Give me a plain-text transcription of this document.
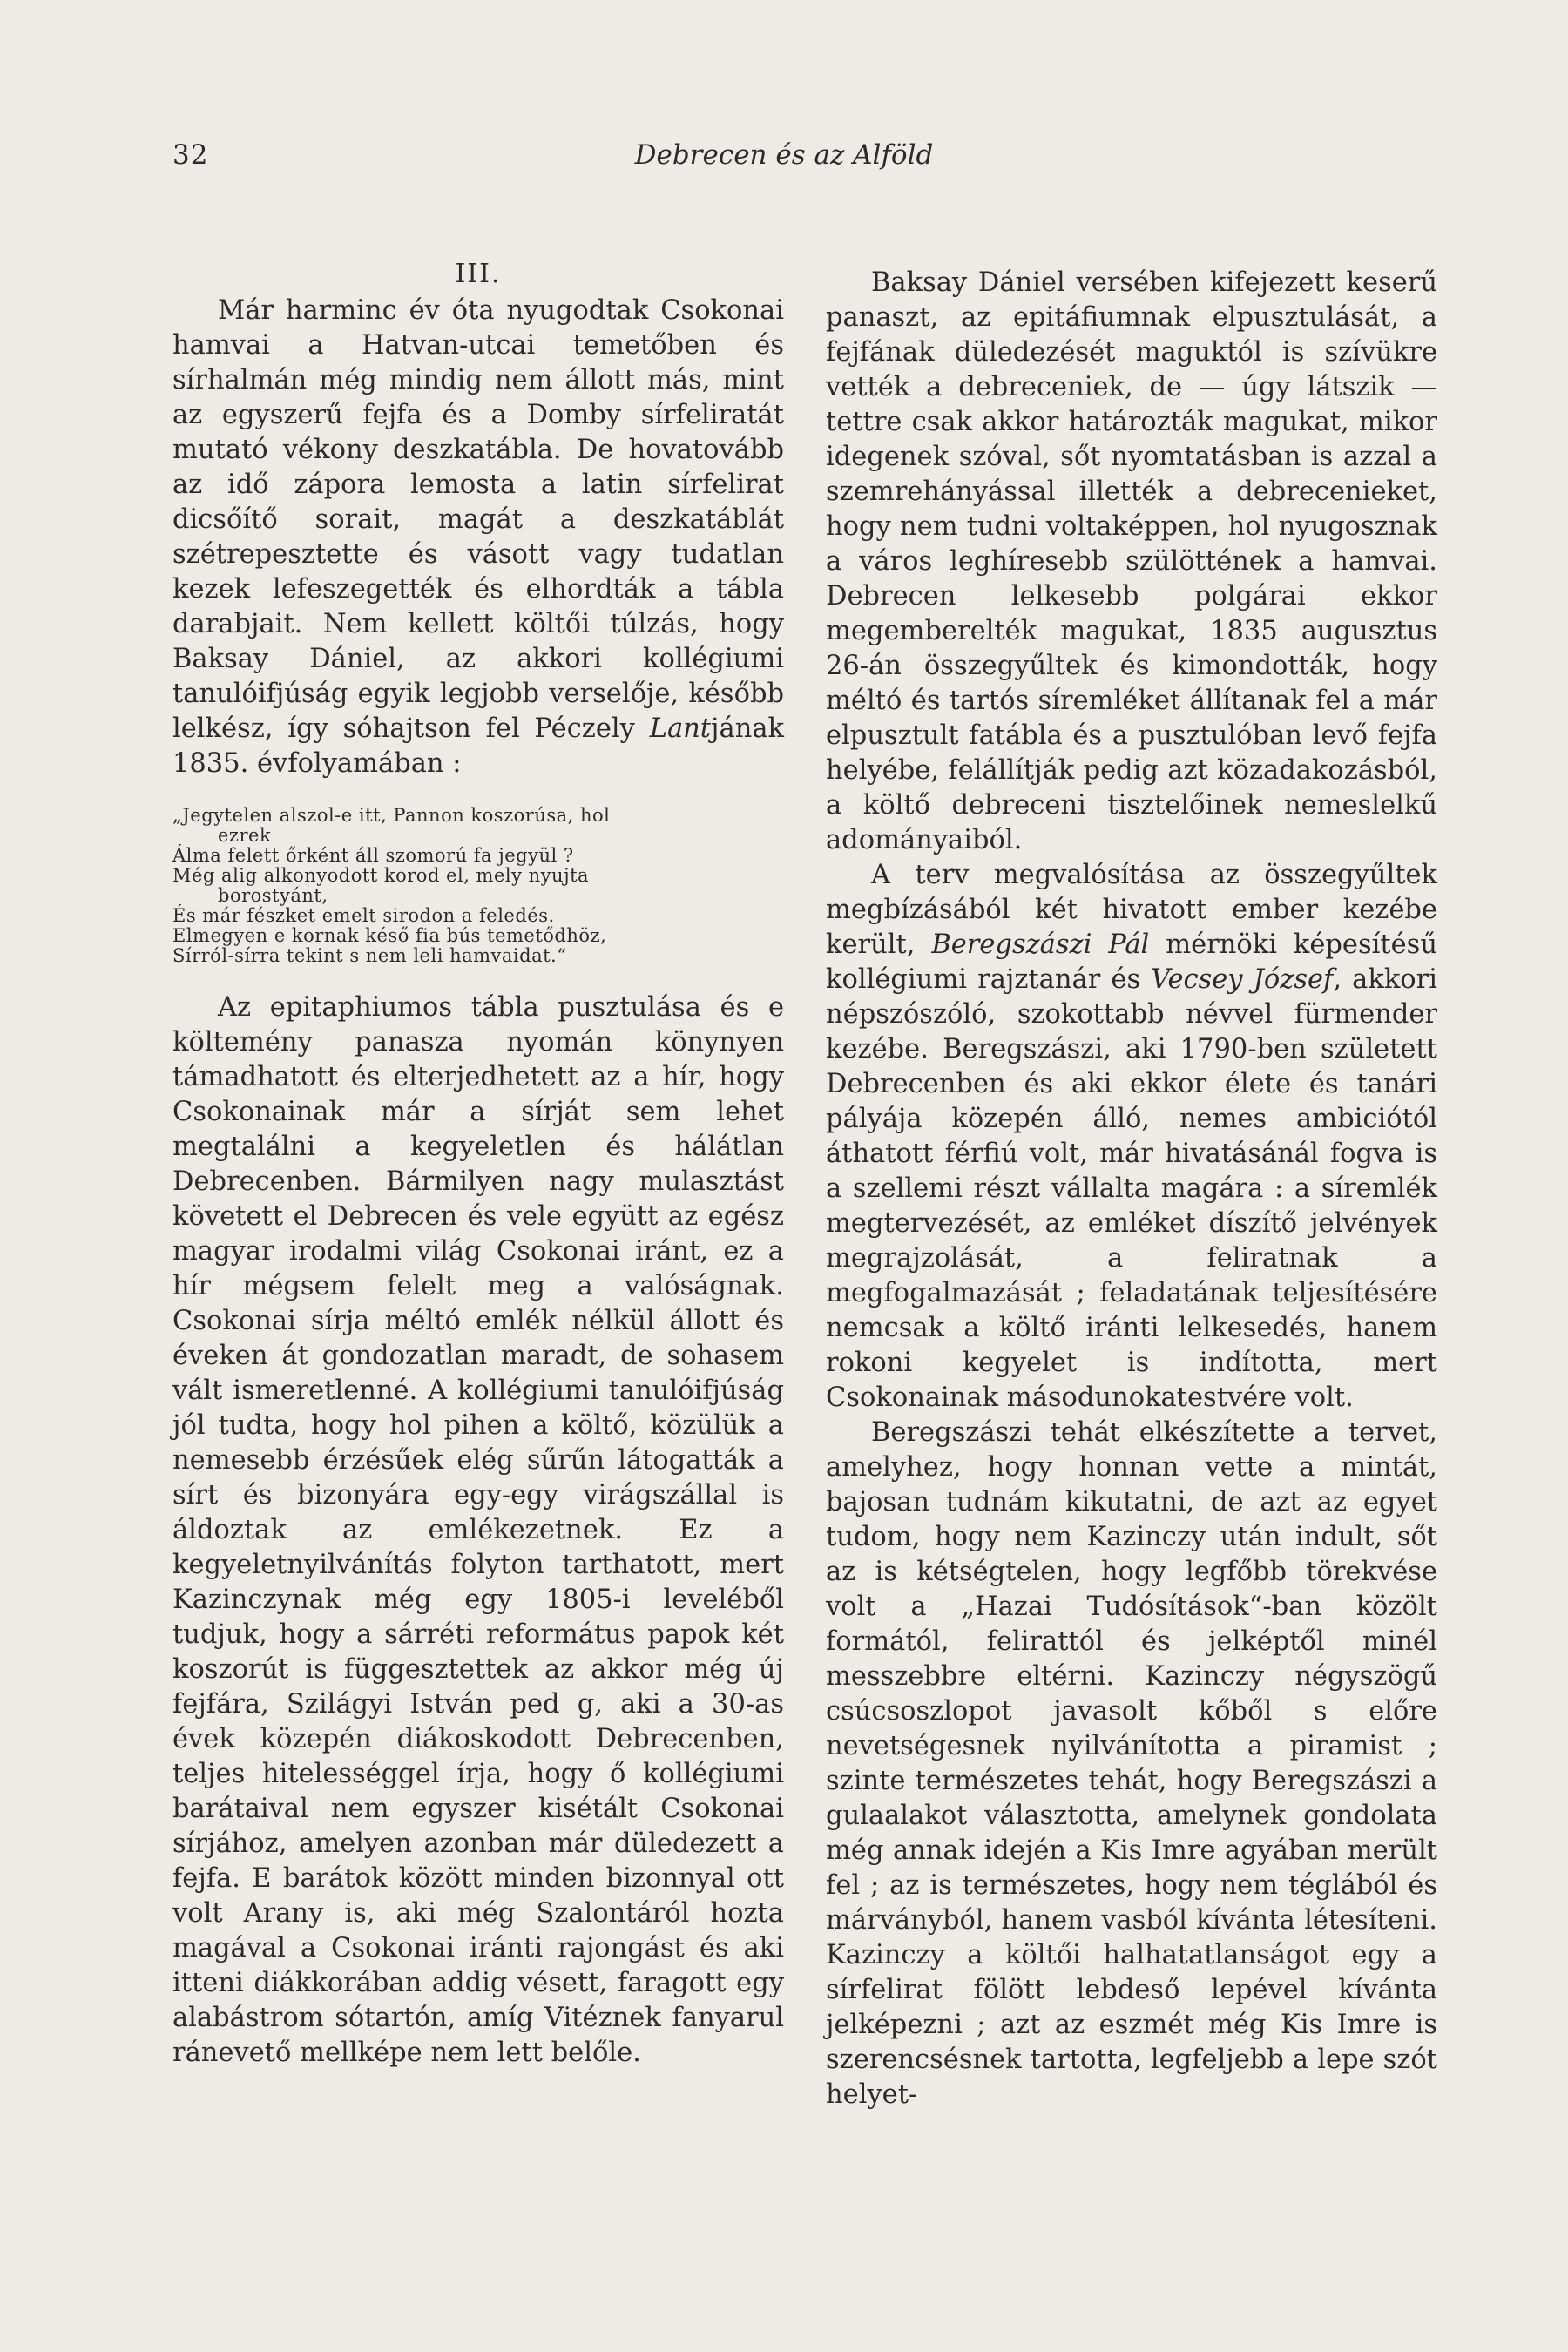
32	Debrecen és az Alföld
III.

Már harminc év óta nyugodtak Csokonai hamvai a Hatvan-utcai temetőben és sírhalmán még mindig nem állott más, mint az egyszerű fejfa és a Domby sírfeliratát mutató vékony deszkatábla. De hovatovább az idő zápora lemosta a latin sírfelirat dicsőítő sorait, magát a deszkatáblát szétrepesztette és vásott vagy tudatlan kezek lefeszegették és elhordták a tábla darabjait. Nem kellett költői túlzás, hogy Baksay Dániel, az akkori kollégiumi tanulóifjúság egyik legjobb verselője, később lelkész, így sóhajtson fel Péczely Lantjának 1835. évfolyamában :

„Jegytelen alszol-e itt, Pannon koszorúsa, hol
ezrek
Álma felett őrként áll szomorú fa jegyül ?
Még alig alkonyodott korod el, mely nyujta
borostyánt,
És már fészket emelt sirodon a feledés.
Elmegyen e kornak késő fia bús temetődhöz,
Sírról-sírra tekint s nem leli hamvaidat.“

Az epitaphiumos tábla pusztulása és e költemény panasza nyomán könynyen támadhatott és elterjedhetett az a hír, hogy Csokonainak már a sírját sem lehet megtalálni a kegyeletlen és hálátlan Debrecenben. Bármilyen nagy mulasztást követett el Debrecen és vele együtt az egész magyar irodalmi világ Csokonai iránt, ez a hír mégsem felelt meg a valóságnak. Csokonai sírja méltó emlék nélkül állott és éveken át gondozatlan maradt, de sohasem vált ismeretlenné. A kollégiumi tanulóifjúság jól tudta, hogy hol pihen a költő, közülük a nemesebb érzésűek elég sűrűn látogatták a sírt és bizonyára egy-egy virágszállal is áldoztak az emlékezetnek. Ez a kegyeletnyilvánítás folyton tarthatott, mert Kazinczynak még egy 1805-i leveléből tudjuk, hogy a sárréti református papok két koszorút is függesztettek az akkor még új fejfára, Szilágyi István ped g, aki a 30-as évek közepén diákoskodott Debrecenben, teljes hitelességgel írja, hogy ő kollégiumi barátaival nem egyszer kisétált Csokonai sírjához, amelyen azonban már düledezett a fejfa. E barátok között minden bizonnyal ott volt Arany is, aki még Szalontáról hozta magával a Csokonai iránti rajongást és aki itteni diákkorában addig vésett, faragott egy alabástrom sótartón, amíg Vitéznek fanyarul ránevető mellképe nem lett belőle.

Baksay Dániel versében kifejezett keserű panaszt, az epitáfiumnak elpusztulását, a fejfának düledezését maguktól is szívükre vették a debreceniek, de — úgy látszik — tettre csak akkor határozták magukat, mikor idegenek szóval, sőt nyomtatásban is azzal a szemrehányással illették a debrecenieket, hogy nem tudni voltaképpen, hol nyugosznak a város leghíresebb szülöttének a hamvai. Debrecen lelkesebb polgárai ekkor megemberelték magukat, 1835 augusztus 26-án összegyűltek és kimondották, hogy méltó és tartós síremléket állítanak fel a már elpusztult fatábla és a pusztulóban levő fejfa helyébe, felállítják pedig azt közadakozásból, a költő debreceni tisztelőinek nemeslelkű adományaiból.

A terv megvalósítása az összegyűltek megbízásából két hivatott ember kezébe került, Beregszászi Pál mérnöki képesítésű kollégiumi rajztanár és Vecsey József, akkori népszószóló, szokottabb névvel fürmender kezébe. Beregszászi, aki 1790-ben született Debrecenben és aki ekkor élete és tanári pályája közepén álló, nemes ambiciótól áthatott férfiú volt, már hivatásánál fogva is a szellemi részt vállalta magára : a síremlék megtervezését, az emléket díszítő jelvények megrajzolását, a feliratnak a megfogalmazását ; feladatának teljesítésére nemcsak a költő iránti lelkesedés, hanem rokoni kegyelet is indította, mert Csokonainak másodunokatestvére volt.

Beregszászi tehát elkészítette a tervet, amelyhez, hogy honnan vette a mintát, bajosan tudnám kikutatni, de azt az egyet tudom, hogy nem Kazinczy után indult, sőt az is kétségtelen, hogy legfőbb törekvése volt a „Hazai Tudósítások“-ban közölt formától, felirattól és jelképtől minél messzebbre eltérni. Kazinczy négyszögű csúcsoszlopot javasolt kőből s előre nevetségesnek nyilvánította a piramist ; szinte természetes tehát, hogy Beregszászi a gulaalakot választotta, amelynek gondolata még annak idején a Kis Imre agyában merült fel ; az is természetes, hogy nem téglából és márványból, hanem vasból kívánta létesíteni. Kazinczy a költői halhatatlanságot egy a sírfelirat fölött lebdeső lepével kívánta jelképezni ; azt az eszmét még Kis Imre is szerencsésnek tartotta, legfeljebb a lepe szót helyet-
